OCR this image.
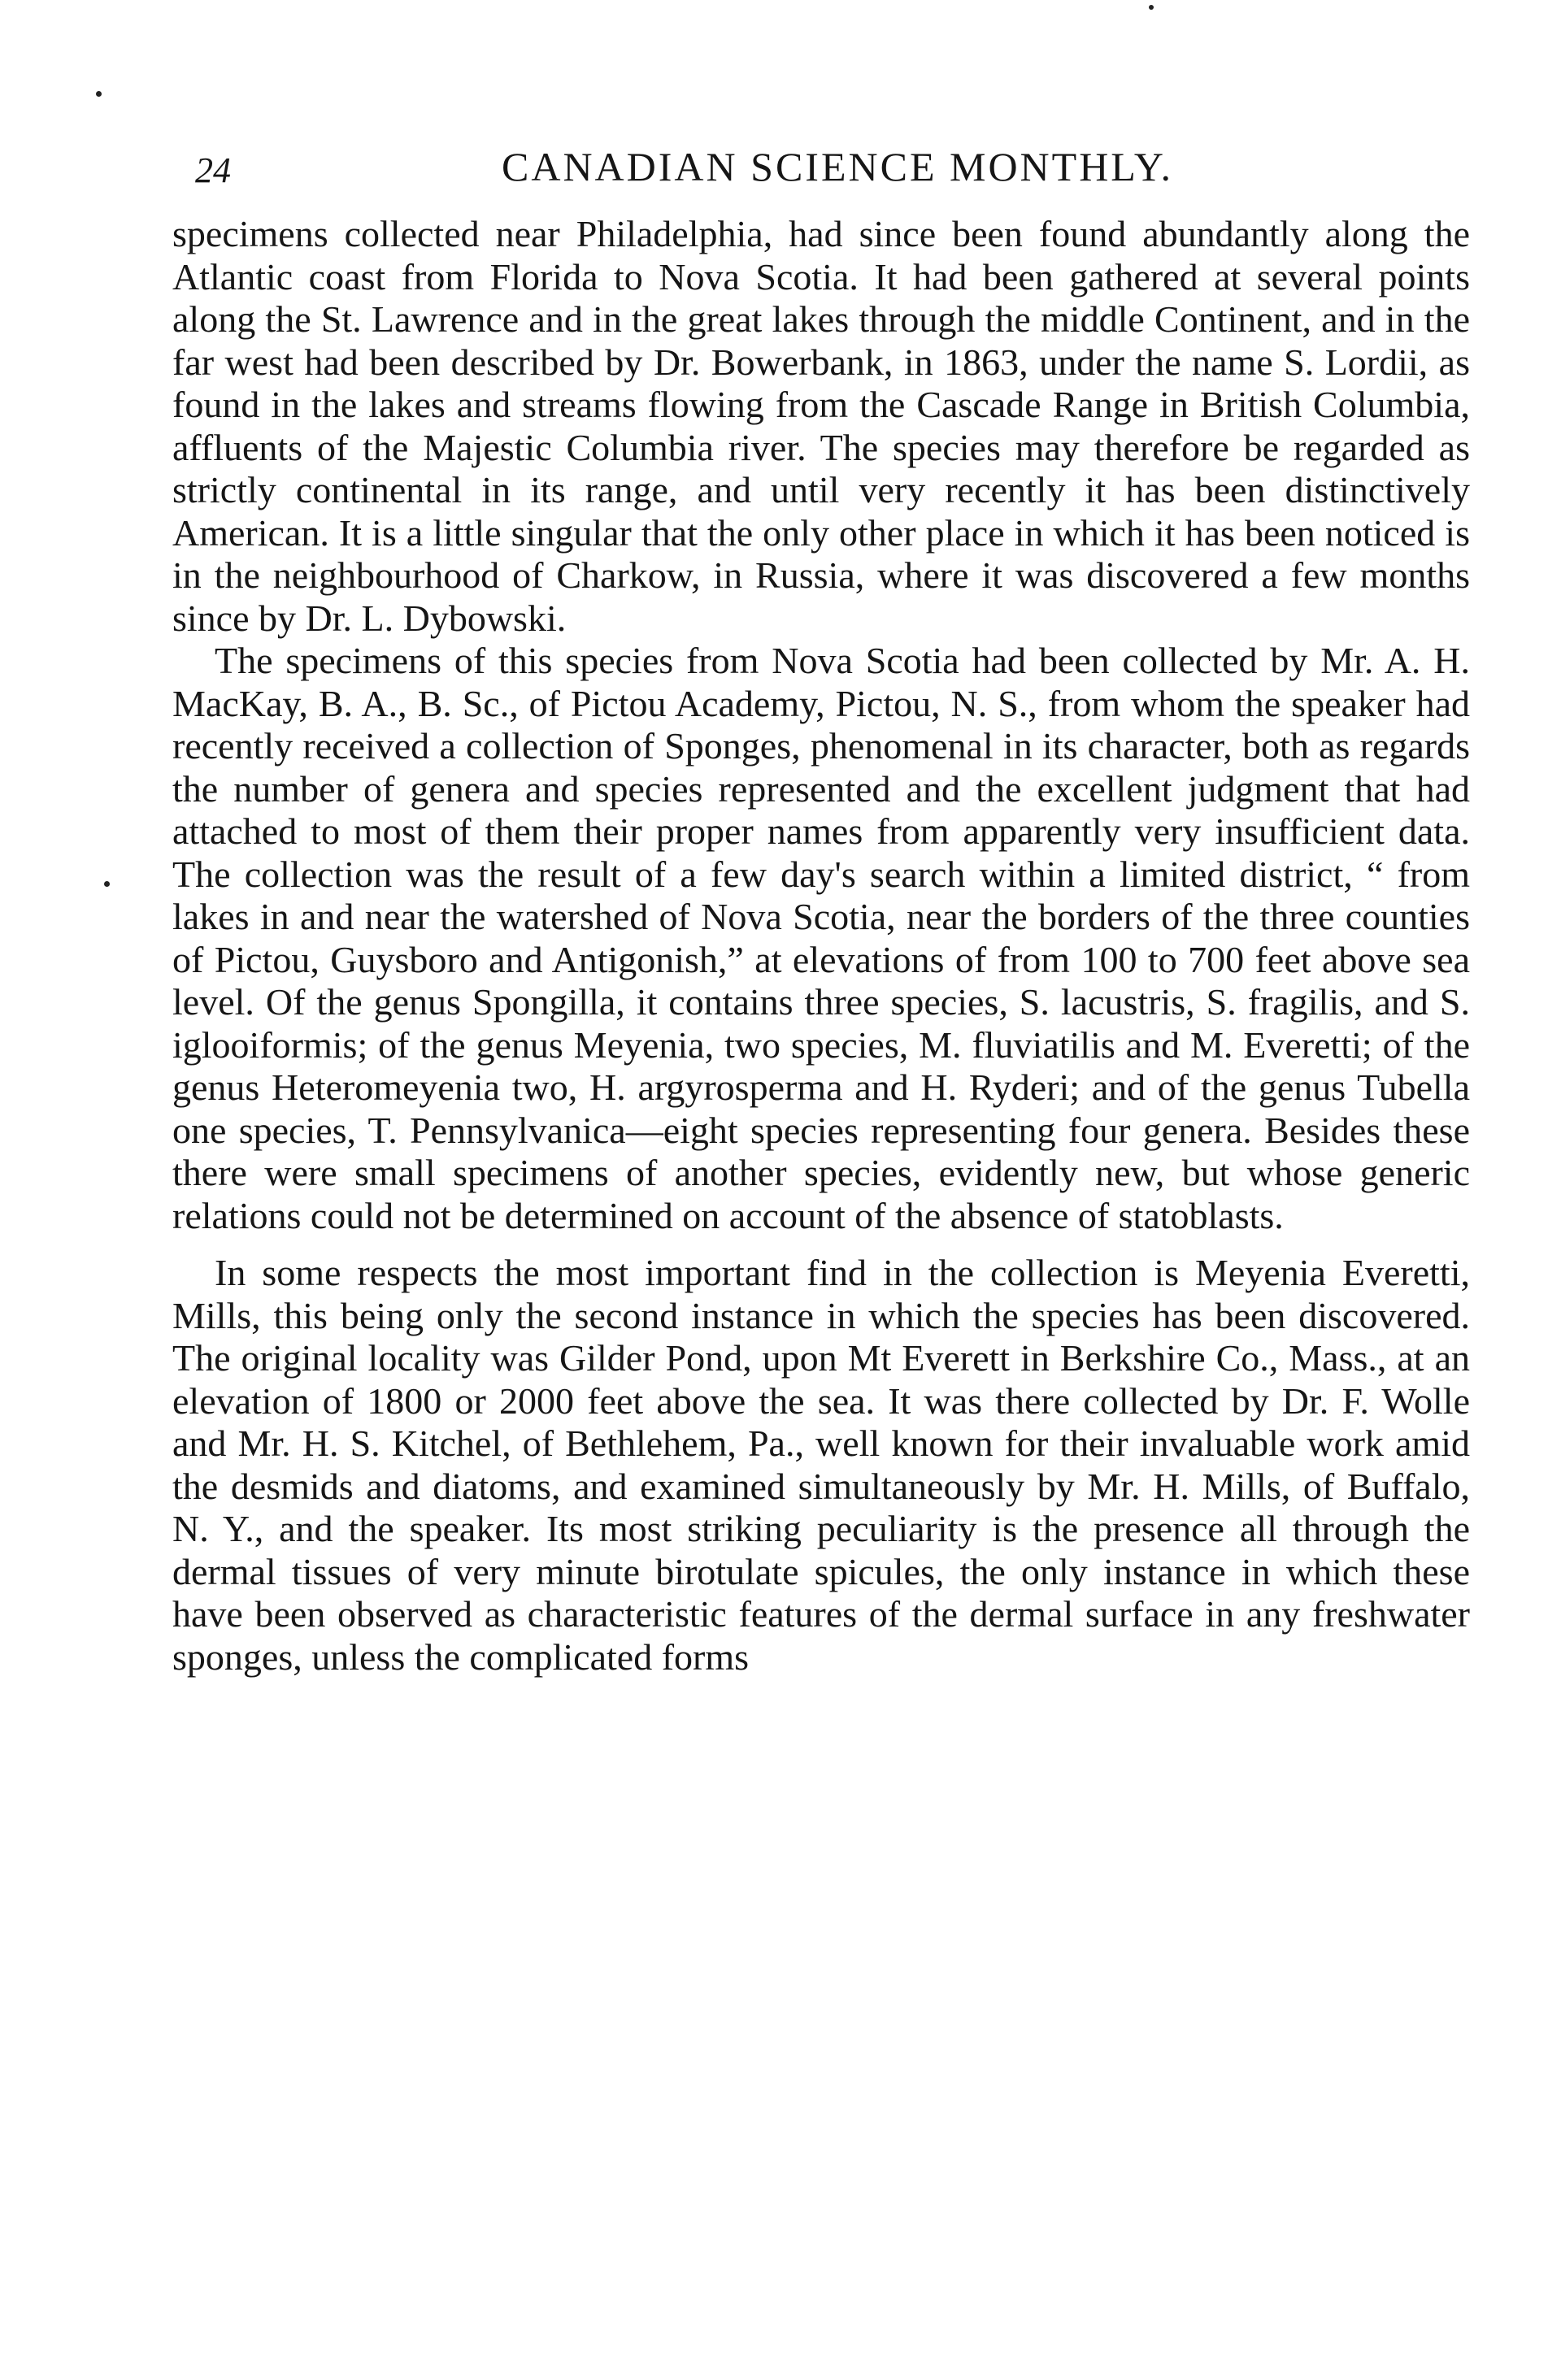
24	CANADIAN SCIENCE MONTHLY.

specimens collected near Philadelphia, had since been found abundantly along the Atlantic coast from Florida to Nova Scotia. It had been gathered at several points along the St. Lawrence and in the great lakes through the middle Continent, and in the far west had been described by Dr. Bowerbank, in 1863, under the name S. Lordii, as found in the lakes and streams flowing from the Cascade Range in British Columbia, affluents of the Majestic Columbia river. The species may therefore be regarded as strictly continental in its range, and until very recently it has been distinctively American. It is a little singular that the only other place in which it has been noticed is in the neighbourhood of Charkow, in Russia, where it was discovered a few months since by Dr. L. Dybowski.

The specimens of this species from Nova Scotia had been collected by Mr. A. H. MacKay, B. A., B. Sc., of Pictou Academy, Pictou, N. S., from whom the speaker had recently received a collection of Sponges, phenomenal in its character, both as regards the number of genera and species represented and the excellent judgment that had attached to most of them their proper names from apparently very insufficient data. The collection was the result of a few day's search within a limited district, “ from lakes in and near the watershed of Nova Scotia, near the borders of the three counties of Pictou, Guysboro and Antigonish,” at elevations of from 100 to 700 feet above sea level. Of the genus Spongilla, it contains three species, S. lacustris, S. fragilis, and S. iglooiformis; of the genus Meyenia, two species, M. fluviatilis and M. Everetti; of the genus Heteromeyenia two, H. argyrosperma and H. Ryderi; and of the genus Tubella one species, T. Pennsylvanica—eight species representing four genera. Besides these there were small specimens of another species, evidently new, but whose generic relations could not be determined on account of the absence of statoblasts.

In some respects the most important find in the collection is Meyenia Everetti, Mills, this being only the second instance in which the species has been discovered. The original locality was Gilder Pond, upon Mt Everett in Berkshire Co., Mass., at an elevation of 1800 or 2000 feet above the sea. It was there collected by Dr. F. Wolle and Mr. H. S. Kitchel, of Bethlehem, Pa., well known for their invaluable work amid the desmids and diatoms, and examined simultaneously by Mr. H. Mills, of Buffalo, N. Y., and the speaker. Its most striking peculiarity is the presence all through the dermal tissues of very minute birotulate spicules, the only instance in which these have been observed as characteristic features of the dermal surface in any freshwater sponges, unless the complicated forms
